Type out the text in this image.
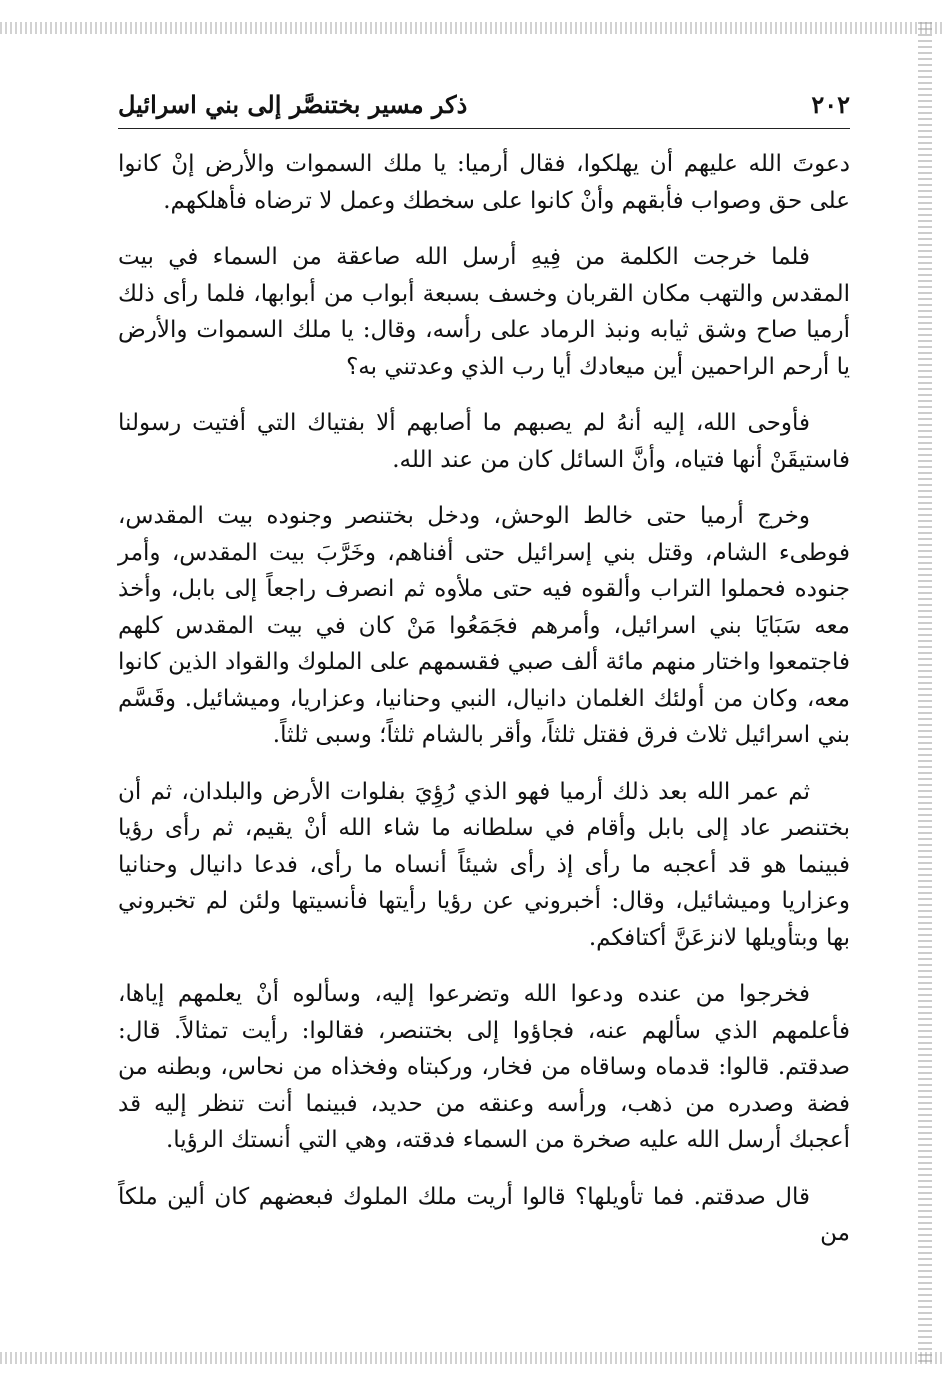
٢٠٢
ذكر مسير بختنصَّر إلى بني اسرائيل

دعوتَ الله عليهم أن يهلكوا، فقال أرميا: يا ملك السموات والأرض إنْ كانوا على حق وصواب فأبقهم وأنْ كانوا على سخطك وعمل لا ترضاه فأهلكهم.

فلما خرجت الكلمة من فِيهِ أرسل الله صاعقة من السماء في بيت المقدس والتهب مكان القربان وخسف بسبعة أبواب من أبوابها، فلما رأى ذلك أرميا صاح وشق ثيابه ونبذ الرماد على رأسه، وقال: يا ملك السموات والأرض يا أرحم الراحمين أين ميعادك أيا رب الذي وعدتني به؟

فأوحى الله، إليه أنهُ لم يصبهم ما أصابهم ألا بفتياك التي أفتيت رسولنا فاستيقَنْ أنها فتياه، وأنَّ السائل كان من عند الله.

وخرج أرميا حتى خالط الوحش، ودخل بختنصر وجنوده بيت المقدس، فوطىء الشام، وقتل بني إسرائيل حتى أفناهم، وخَرَّبَ بيت المقدس، وأمر جنوده فحملوا التراب وألقوه فيه حتى ملأوه ثم انصرف راجعاً إلى بابل، وأخذ معه سَبَايَا بني اسرائيل، وأمرهم فجَمَعُوا مَنْ كان في بيت المقدس كلهم فاجتمعوا واختار منهم مائة ألف صبي فقسمهم على الملوك والقواد الذين كانوا معه، وكان من أولئك الغلمان دانيال، النبي وحنانيا، وعزاريا، وميشائيل. وقَسَّم بني اسرائيل ثلاث فرق فقتل ثلثاً، وأقر بالشام ثلثاً؛ وسبى ثلثاً.

ثم عمر الله بعد ذلك أرميا فهو الذي رُؤِيَ بفلوات الأرض والبلدان، ثم أن بختنصر عاد إلى بابل وأقام في سلطانه ما شاء الله أنْ يقيم، ثم رأى رؤيا فبينما هو قد أعجبه ما رأى إذ رأى شيئاً أنساه ما رأى، فدعا دانيال وحنانيا وعزاريا وميشائيل، وقال: أخبروني عن رؤيا رأيتها فأنسيتها ولئن لم تخبروني بها وبتأويلها لانزعَنَّ أكتافكم.

فخرجوا من عنده ودعوا الله وتضرعوا إليه، وسألوه أنْ يعلمهم إياها، فأعلمهم الذي سألهم عنه، فجاؤوا إلى بختنصر، فقالوا: رأيت تمثالاً. قال: صدقتم. قالوا: قدماه وساقاه من فخار، وركبتاه وفخذاه من نحاس، وبطنه من فضة وصدره من ذهب، ورأسه وعنقه من حديد، فبينما أنت تنظر إليه قد أعجبك أرسل الله عليه صخرة من السماء فدقته، وهي التي أنستك الرؤيا.

قال صدقتم. فما تأويلها؟ قالوا أريت ملك الملوك فبعضهم كان ألين ملكاً من
